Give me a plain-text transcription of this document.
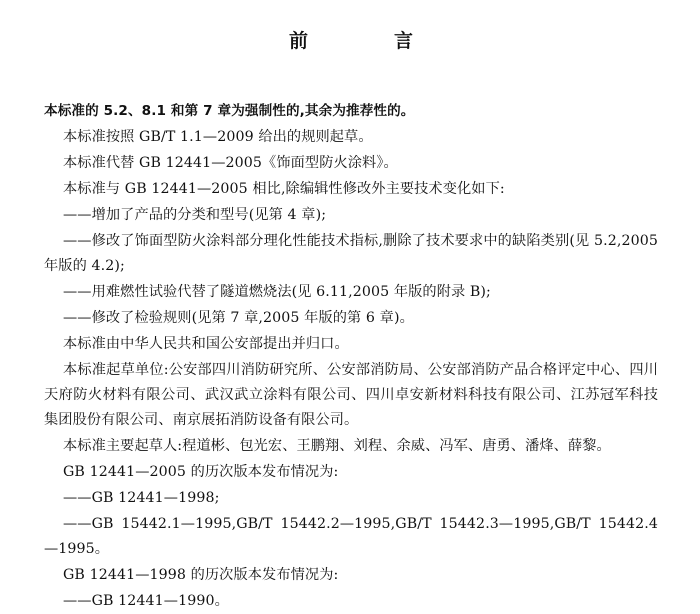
前　　言

本标准的 5.2、8.1 和第 7 章为强制性的,其余为推荐性的。

本标准按照 GB/T 1.1—2009 给出的规则起草。

本标准代替 GB 12441—2005《饰面型防火涂料》。

本标准与 GB 12441—2005 相比,除编辑性修改外主要技术变化如下:

——增加了产品的分类和型号(见第 4 章);

——修改了饰面型防火涂料部分理化性能技术指标,删除了技术要求中的缺陷类别(见 5.2,2005 年版的 4.2);

——用难燃性试验代替了隧道燃烧法(见 6.11,2005 年版的附录 B);

——修改了检验规则(见第 7 章,2005 年版的第 6 章)。

本标准由中华人民共和国公安部提出并归口。

本标准起草单位:公安部四川消防研究所、公安部消防局、公安部消防产品合格评定中心、四川天府防火材料有限公司、武汉武立涂料有限公司、四川卓安新材料科技有限公司、江苏冠军科技集团股份有限公司、南京展拓消防设备有限公司。

本标准主要起草人:程道彬、包光宏、王鹏翔、刘程、余威、冯军、唐勇、潘烽、薛黎。

GB 12441—2005 的历次版本发布情况为:

——GB 12441—1998;

——GB 15442.1—1995,GB/T 15442.2—1995,GB/T 15442.3—1995,GB/T 15442.4—1995。

GB 12441—1998 的历次版本发布情况为:

——GB 12441—1990。
